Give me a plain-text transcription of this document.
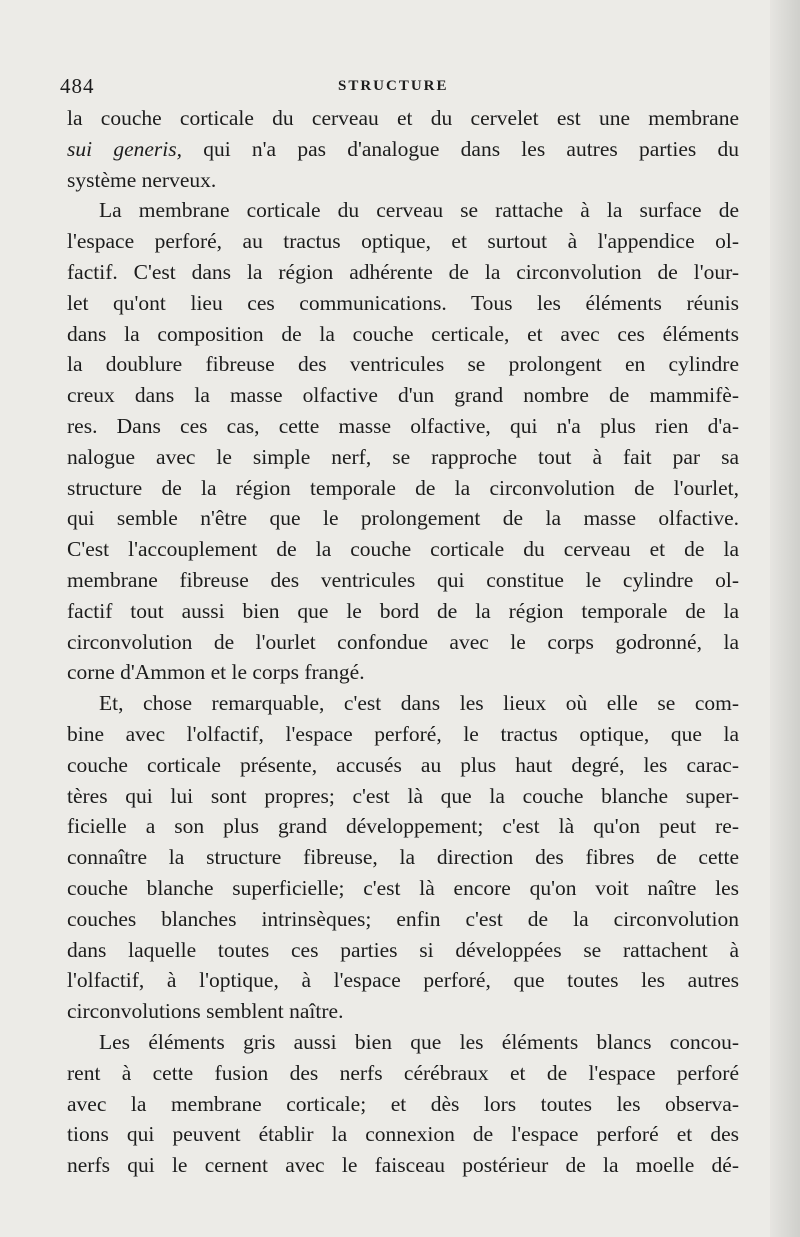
484	STRUCTURE
la couche corticale du cerveau et du cervelet est une membrane
sui generis, qui n'a pas d'analogue dans les autres parties du
système nerveux.
La membrane corticale du cerveau se rattache à la surface de
l'espace perforé, au tractus optique, et surtout à l'appendice ol-
factif. C'est dans la région adhérente de la circonvolution de l'our-
let qu'ont lieu ces communications. Tous les éléments réunis
dans la composition de la couche certicale, et avec ces éléments
la doublure fibreuse des ventricules se prolongent en cylindre
creux dans la masse olfactive d'un grand nombre de mammifè-
res. Dans ces cas, cette masse olfactive, qui n'a plus rien d'a-
nalogue avec le simple nerf, se rapproche tout à fait par sa
structure de la région temporale de la circonvolution de l'ourlet,
qui semble n'être que le prolongement de la masse olfactive.
C'est l'accouplement de la couche corticale du cerveau et de la
membrane fibreuse des ventricules qui constitue le cylindre ol-
factif tout aussi bien que le bord de la région temporale de la
circonvolution de l'ourlet confondue avec le corps godronné, la
corne d'Ammon et le corps frangé.
Et, chose remarquable, c'est dans les lieux où elle se com-
bine avec l'olfactif, l'espace perforé, le tractus optique, que la
couche corticale présente, accusés au plus haut degré, les carac-
tères qui lui sont propres; c'est là que la couche blanche super-
ficielle a son plus grand développement; c'est là qu'on peut re-
connaître la structure fibreuse, la direction des fibres de cette
couche blanche superficielle; c'est là encore qu'on voit naître les
couches blanches intrinsèques; enfin c'est de la circonvolution
dans laquelle toutes ces parties si développées se rattachent à
l'olfactif, à l'optique, à l'espace perforé, que toutes les autres
circonvolutions semblent naître.
Les éléments gris aussi bien que les éléments blancs concou-
rent à cette fusion des nerfs cérébraux et de l'espace perforé
avec la membrane corticale; et dès lors toutes les observa-
tions qui peuvent établir la connexion de l'espace perforé et des
nerfs qui le cernent avec le faisceau postérieur de la moelle dé-
